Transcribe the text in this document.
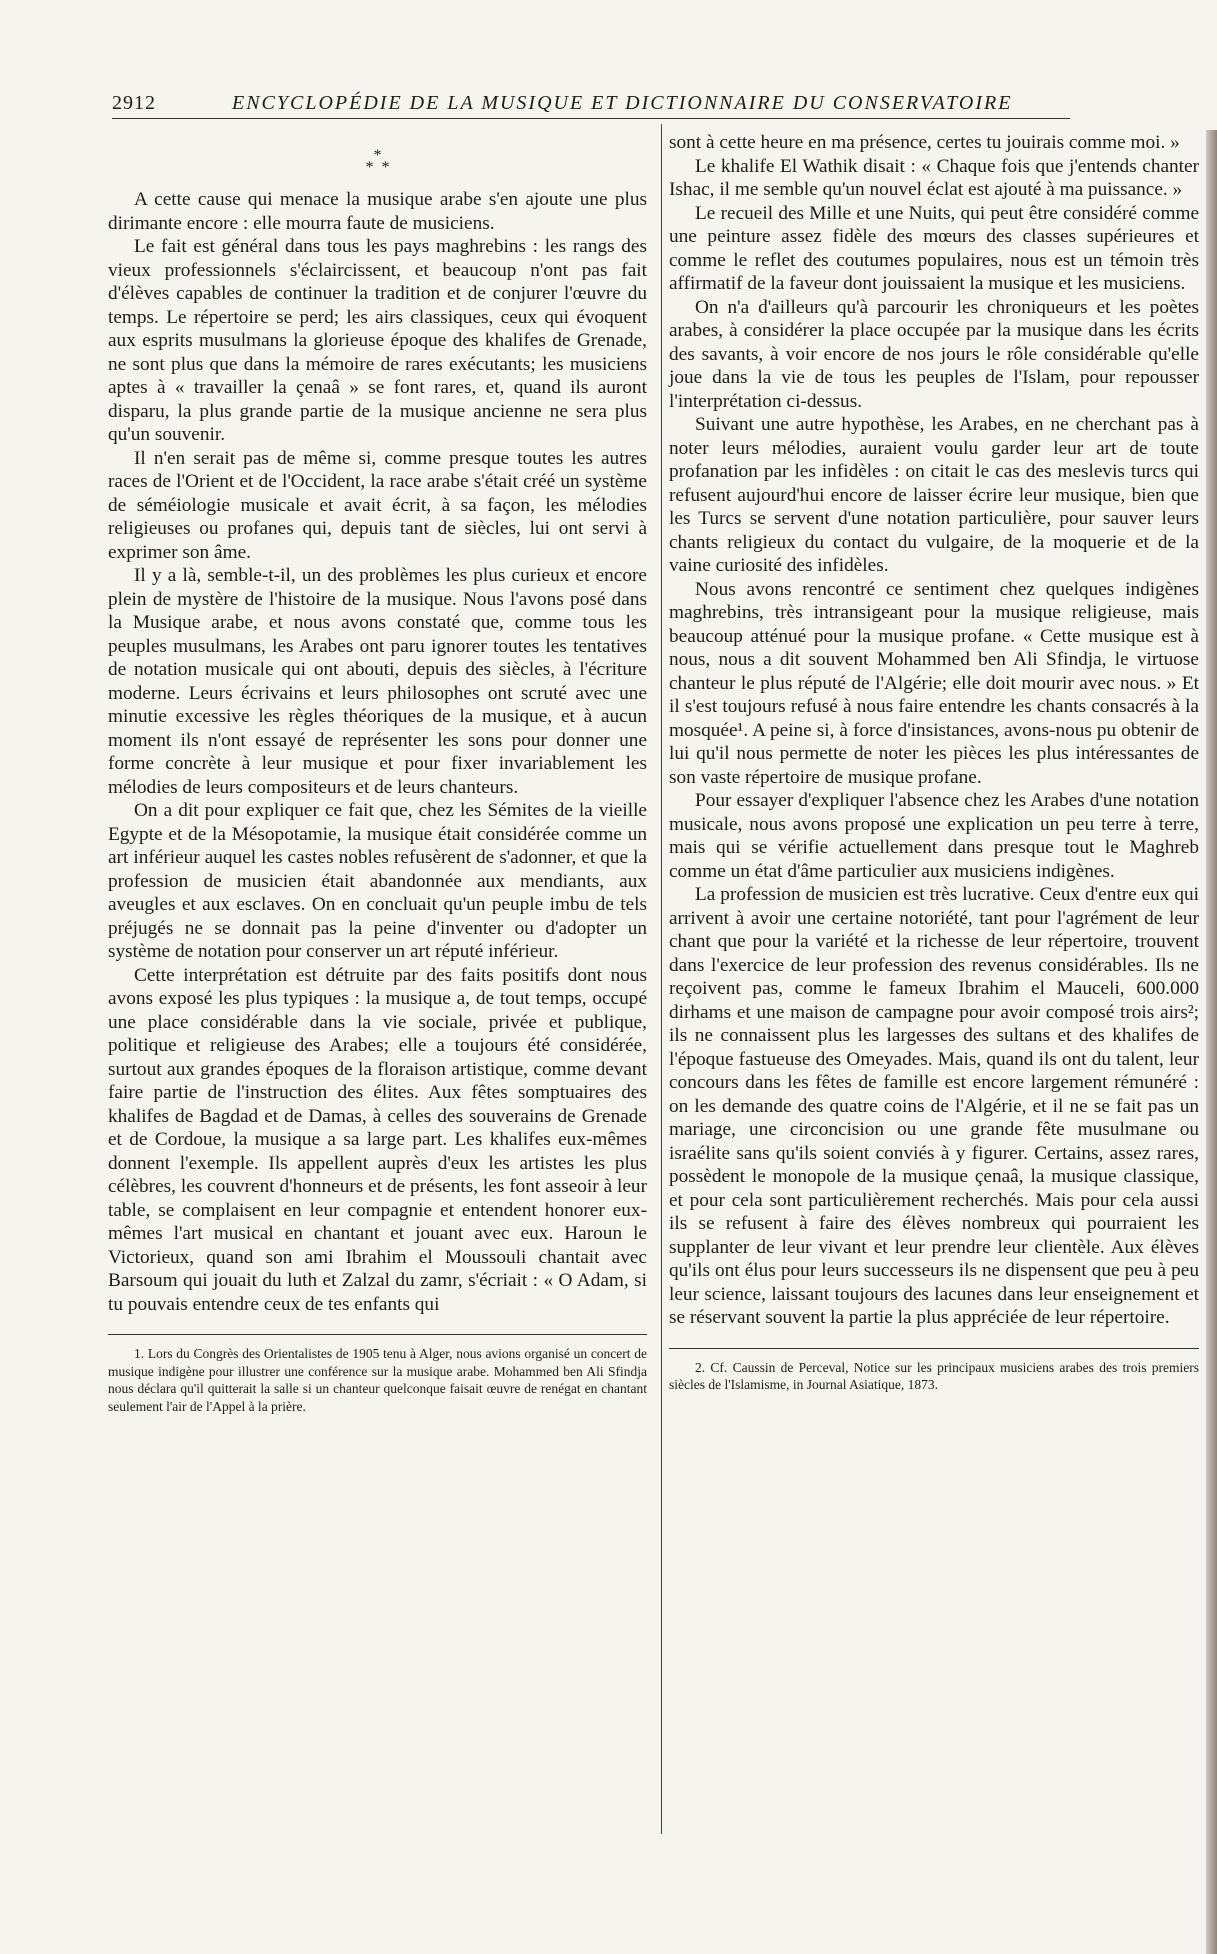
2912	ENCYCLOPÉDIE DE LA MUSIQUE ET DICTIONNAIRE DU CONSERVATOIRE
*
*  *

A cette cause qui menace la musique arabe s'en ajoute une plus dirimante encore : elle mourra faute de musiciens.

Le fait est général dans tous les pays maghrebins : les rangs des vieux professionnels s'éclaircissent, et beaucoup n'ont pas fait d'élèves capables de continuer la tradition et de conjurer l'œuvre du temps. Le répertoire se perd; les airs classiques, ceux qui évoquent aux esprits musulmans la glorieuse époque des khalifes de Grenade, ne sont plus que dans la mémoire de rares exécutants; les musiciens aptes à « travailler la çenaâ » se font rares, et, quand ils auront disparu, la plus grande partie de la musique ancienne ne sera plus qu'un souvenir.

Il n'en serait pas de même si, comme presque toutes les autres races de l'Orient et de l'Occident, la race arabe s'était créé un système de séméiologie musicale et avait écrit, à sa façon, les mélodies religieuses ou profanes qui, depuis tant de siècles, lui ont servi à exprimer son âme.

Il y a là, semble-t-il, un des problèmes les plus curieux et encore plein de mystère de l'histoire de la musique. Nous l'avons posé dans la Musique arabe, et nous avons constaté que, comme tous les peuples musulmans, les Arabes ont paru ignorer toutes les tentatives de notation musicale qui ont abouti, depuis des siècles, à l'écriture moderne. Leurs écrivains et leurs philosophes ont scruté avec une minutie excessive les règles théoriques de la musique, et à aucun moment ils n'ont essayé de représenter les sons pour donner une forme concrète à leur musique et pour fixer invariablement les mélodies de leurs compositeurs et de leurs chanteurs.

On a dit pour expliquer ce fait que, chez les Sémites de la vieille Egypte et de la Mésopotamie, la musique était considérée comme un art inférieur auquel les castes nobles refusèrent de s'adonner, et que la profession de musicien était abandonnée aux mendiants, aux aveugles et aux esclaves. On en concluait qu'un peuple imbu de tels préjugés ne se donnait pas la peine d'inventer ou d'adopter un système de notation pour conserver un art réputé inférieur.

Cette interprétation est détruite par des faits positifs dont nous avons exposé les plus typiques : la musique a, de tout temps, occupé une place considérable dans la vie sociale, privée et publique, politique et religieuse des Arabes; elle a toujours été considérée, surtout aux grandes époques de la floraison artistique, comme devant faire partie de l'instruction des élites. Aux fêtes somptuaires des khalifes de Bagdad et de Damas, à celles des souverains de Grenade et de Cordoue, la musique a sa large part. Les khalifes eux-mêmes donnent l'exemple. Ils appellent auprès d'eux les artistes les plus célèbres, les couvrent d'honneurs et de présents, les font asseoir à leur table, se complaisent en leur compagnie et entendent honorer eux-mêmes l'art musical en chantant et jouant avec eux. Haroun le Victorieux, quand son ami Ibrahim el Moussouli chantait avec Barsoum qui jouait du luth et Zalzal du zamr, s'écriait : « O Adam, si tu pouvais entendre ceux de tes enfants qui

1. Lors du Congrès des Orientalistes de 1905 tenu à Alger, nous avions organisé un concert de musique indigène pour illustrer une conférence sur la musique arabe. Mohammed ben Ali Sfindja nous déclara qu'il quitterait la salle si un chanteur quelconque faisait œuvre de renégat en chantant seulement l'air de l'Appel à la prière.

sont à cette heure en ma présence, certes tu jouirais comme moi. »

Le khalife El Wathik disait : « Chaque fois que j'entends chanter Ishac, il me semble qu'un nouvel éclat est ajouté à ma puissance. »

Le recueil des Mille et une Nuits, qui peut être considéré comme une peinture assez fidèle des mœurs des classes supérieures et comme le reflet des coutumes populaires, nous est un témoin très affirmatif de la faveur dont jouissaient la musique et les musiciens.

On n'a d'ailleurs qu'à parcourir les chroniqueurs et les poètes arabes, à considérer la place occupée par la musique dans les écrits des savants, à voir encore de nos jours le rôle considérable qu'elle joue dans la vie de tous les peuples de l'Islam, pour repousser l'interprétation ci-dessus.

Suivant une autre hypothèse, les Arabes, en ne cherchant pas à noter leurs mélodies, auraient voulu garder leur art de toute profanation par les infidèles : on citait le cas des meslevis turcs qui refusent aujourd'hui encore de laisser écrire leur musique, bien que les Turcs se servent d'une notation particulière, pour sauver leurs chants religieux du contact du vulgaire, de la moquerie et de la vaine curiosité des infidèles.

Nous avons rencontré ce sentiment chez quelques indigènes maghrebins, très intransigeant pour la musique religieuse, mais beaucoup atténué pour la musique profane. « Cette musique est à nous, nous a dit souvent Mohammed ben Ali Sfindja, le virtuose chanteur le plus réputé de l'Algérie; elle doit mourir avec nous. » Et il s'est toujours refusé à nous faire entendre les chants consacrés à la mosquée¹. A peine si, à force d'insistances, avons-nous pu obtenir de lui qu'il nous permette de noter les pièces les plus intéressantes de son vaste répertoire de musique profane.

Pour essayer d'expliquer l'absence chez les Arabes d'une notation musicale, nous avons proposé une explication un peu terre à terre, mais qui se vérifie actuellement dans presque tout le Maghreb comme un état d'âme particulier aux musiciens indigènes.

La profession de musicien est très lucrative. Ceux d'entre eux qui arrivent à avoir une certaine notoriété, tant pour l'agrément de leur chant que pour la variété et la richesse de leur répertoire, trouvent dans l'exercice de leur profession des revenus considérables. Ils ne reçoivent pas, comme le fameux Ibrahim el Mauceli, 600.000 dirhams et une maison de campagne pour avoir composé trois airs²; ils ne connaissent plus les largesses des sultans et des khalifes de l'époque fastueuse des Omeyades. Mais, quand ils ont du talent, leur concours dans les fêtes de famille est encore largement rémunéré : on les demande des quatre coins de l'Algérie, et il ne se fait pas un mariage, une circoncision ou une grande fête musulmane ou israélite sans qu'ils soient conviés à y figurer. Certains, assez rares, possèdent le monopole de la musique çenaâ, la musique classique, et pour cela sont particulièrement recherchés. Mais pour cela aussi ils se refusent à faire des élèves nombreux qui pourraient les supplanter de leur vivant et leur prendre leur clientèle. Aux élèves qu'ils ont élus pour leurs successeurs ils ne dispensent que peu à peu leur science, laissant toujours des lacunes dans leur enseignement et se réservant souvent la partie la plus appréciée de leur répertoire.

2. Cf. Caussin de Perceval, Notice sur les principaux musiciens arabes des trois premiers siècles de l'Islamisme, in Journal Asiatique, 1873.
